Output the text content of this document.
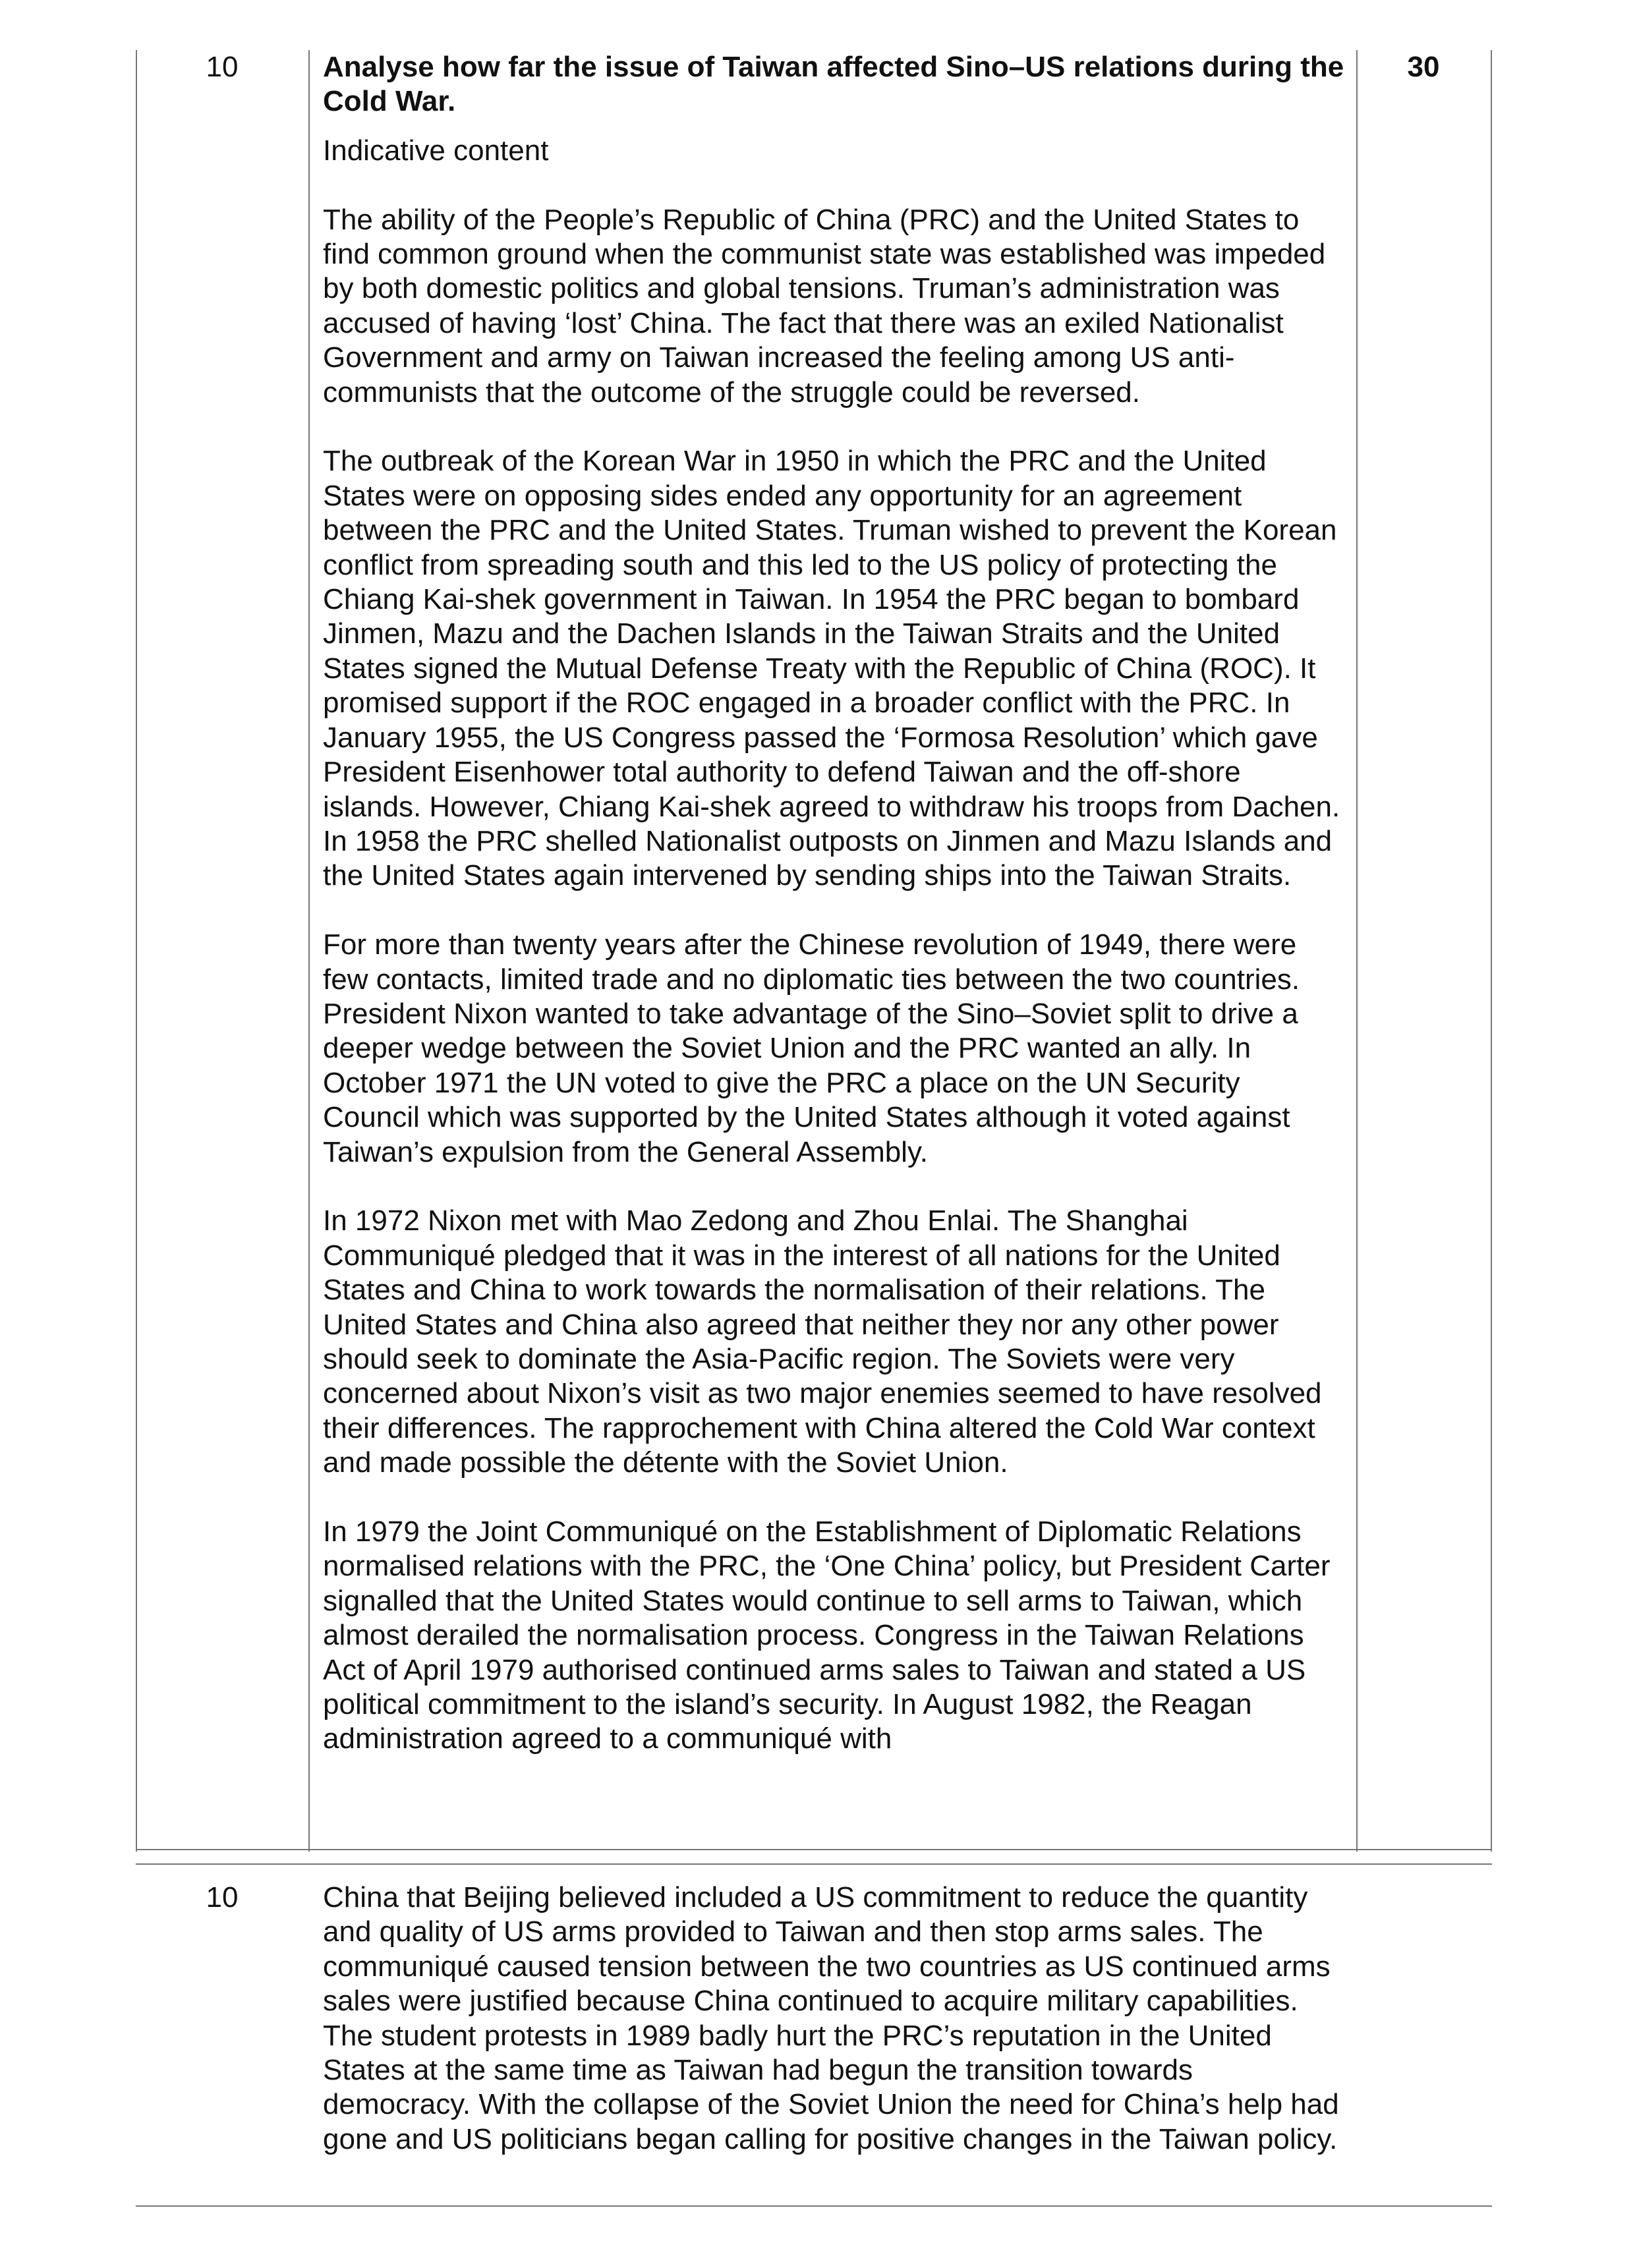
10	30

Analyse how far the issue of Taiwan affected Sino–US relations during the Cold War.

Indicative content

The ability of the People’s Republic of China (PRC) and the United States to find common ground when the communist state was established was impeded by both domestic politics and global tensions. Truman’s administration was accused of having ‘lost’ China. The fact that there was an exiled Nationalist Government and army on Taiwan increased the feeling among US anti-communists that the outcome of the struggle could be reversed.

The outbreak of the Korean War in 1950 in which the PRC and the United States were on opposing sides ended any opportunity for an agreement between the PRC and the United States. Truman wished to prevent the Korean conflict from spreading south and this led to the US policy of protecting the Chiang Kai-shek government in Taiwan. In 1954 the PRC began to bombard Jinmen, Mazu and the Dachen Islands in the Taiwan Straits and the United States signed the Mutual Defense Treaty with the Republic of China (ROC). It promised support if the ROC engaged in a broader conflict with the PRC. In January 1955, the US Congress passed the ‘Formosa Resolution’ which gave President Eisenhower total authority to defend Taiwan and the off-shore islands. However, Chiang Kai-shek agreed to withdraw his troops from Dachen. In 1958 the PRC shelled Nationalist outposts on Jinmen and Mazu Islands and the United States again intervened by sending ships into the Taiwan Straits.

For more than twenty years after the Chinese revolution of 1949, there were few contacts, limited trade and no diplomatic ties between the two countries. President Nixon wanted to take advantage of the Sino–Soviet split to drive a deeper wedge between the Soviet Union and the PRC wanted an ally. In October 1971 the UN voted to give the PRC a place on the UN Security Council which was supported by the United States although it voted against Taiwan’s expulsion from the General Assembly.

In 1972 Nixon met with Mao Zedong and Zhou Enlai. The Shanghai Communiqué pledged that it was in the interest of all nations for the United States and China to work towards the normalisation of their relations. The United States and China also agreed that neither they nor any other power should seek to dominate the Asia-Pacific region. The Soviets were very concerned about Nixon’s visit as two major enemies seemed to have resolved their differences. The rapprochement with China altered the Cold War context and made possible the détente with the Soviet Union.

In 1979 the Joint Communiqué on the Establishment of Diplomatic Relations normalised relations with the PRC, the ‘One China’ policy, but President Carter signalled that the United States would continue to sell arms to Taiwan, which almost derailed the normalisation process. Congress in the Taiwan Relations Act of April 1979 authorised continued arms sales to Taiwan and stated a US political commitment to the island’s security. In August 1982, the Reagan administration agreed to a communiqué with

10	China that Beijing believed included a US commitment to reduce the quantity and quality of US arms provided to Taiwan and then stop arms sales. The communiqué caused tension between the two countries as US continued arms sales were justified because China continued to acquire military capabilities. The student protests in 1989 badly hurt the PRC’s reputation in the United States at the same time as Taiwan had begun the transition towards democracy. With the collapse of the Soviet Union the need for China’s help had gone and US politicians began calling for positive changes in the Taiwan policy.
